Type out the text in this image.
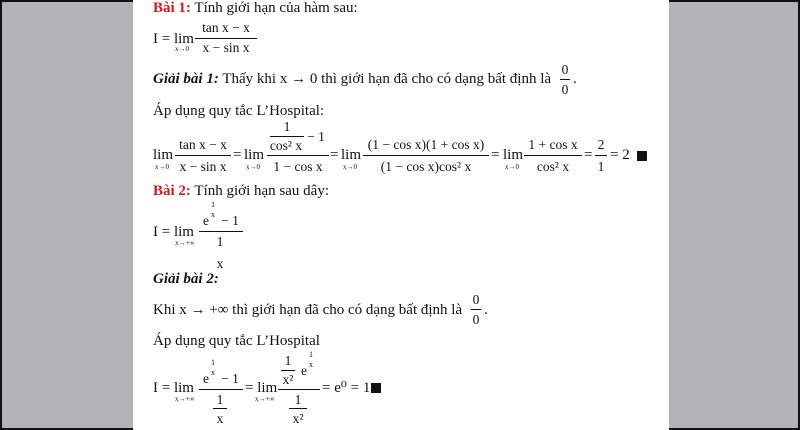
Bài 1: Tính giới hạn của hàm sau:
I = lim
x→0
tan x − x
x − sin x
Giải bài 1: Thấy khi x → 0 thì giới hạn đã cho có dạng bất định là
0
0
.
Áp dụng quy tắc L’Hospital:
lim
x→0
tan x − x
x − sin x
= lim
x→0
1
cos² x
− 1
1 − cos x
= lim
x→0
(1 − cos x)(1 + cos x)
(1 − cos x)cos² x
= lim
x→0
1 + cos x
cos² x
=
2
1
= 2
Bài 2: Tính giới hạn sau dây:
I = lim
x→+∞
e
1
x − 1
1
x
Giải bài 2:
Khi x → +∞ thì giới hạn đã cho có dạng bất định là
0
0
.
Áp dụng quy tắc L’Hospital
I = lim
x→+∞
e
1
x − 1
1
x
= lim
x→+∞
1
x²
e
1
x
1
x²
= e⁰ = 1
